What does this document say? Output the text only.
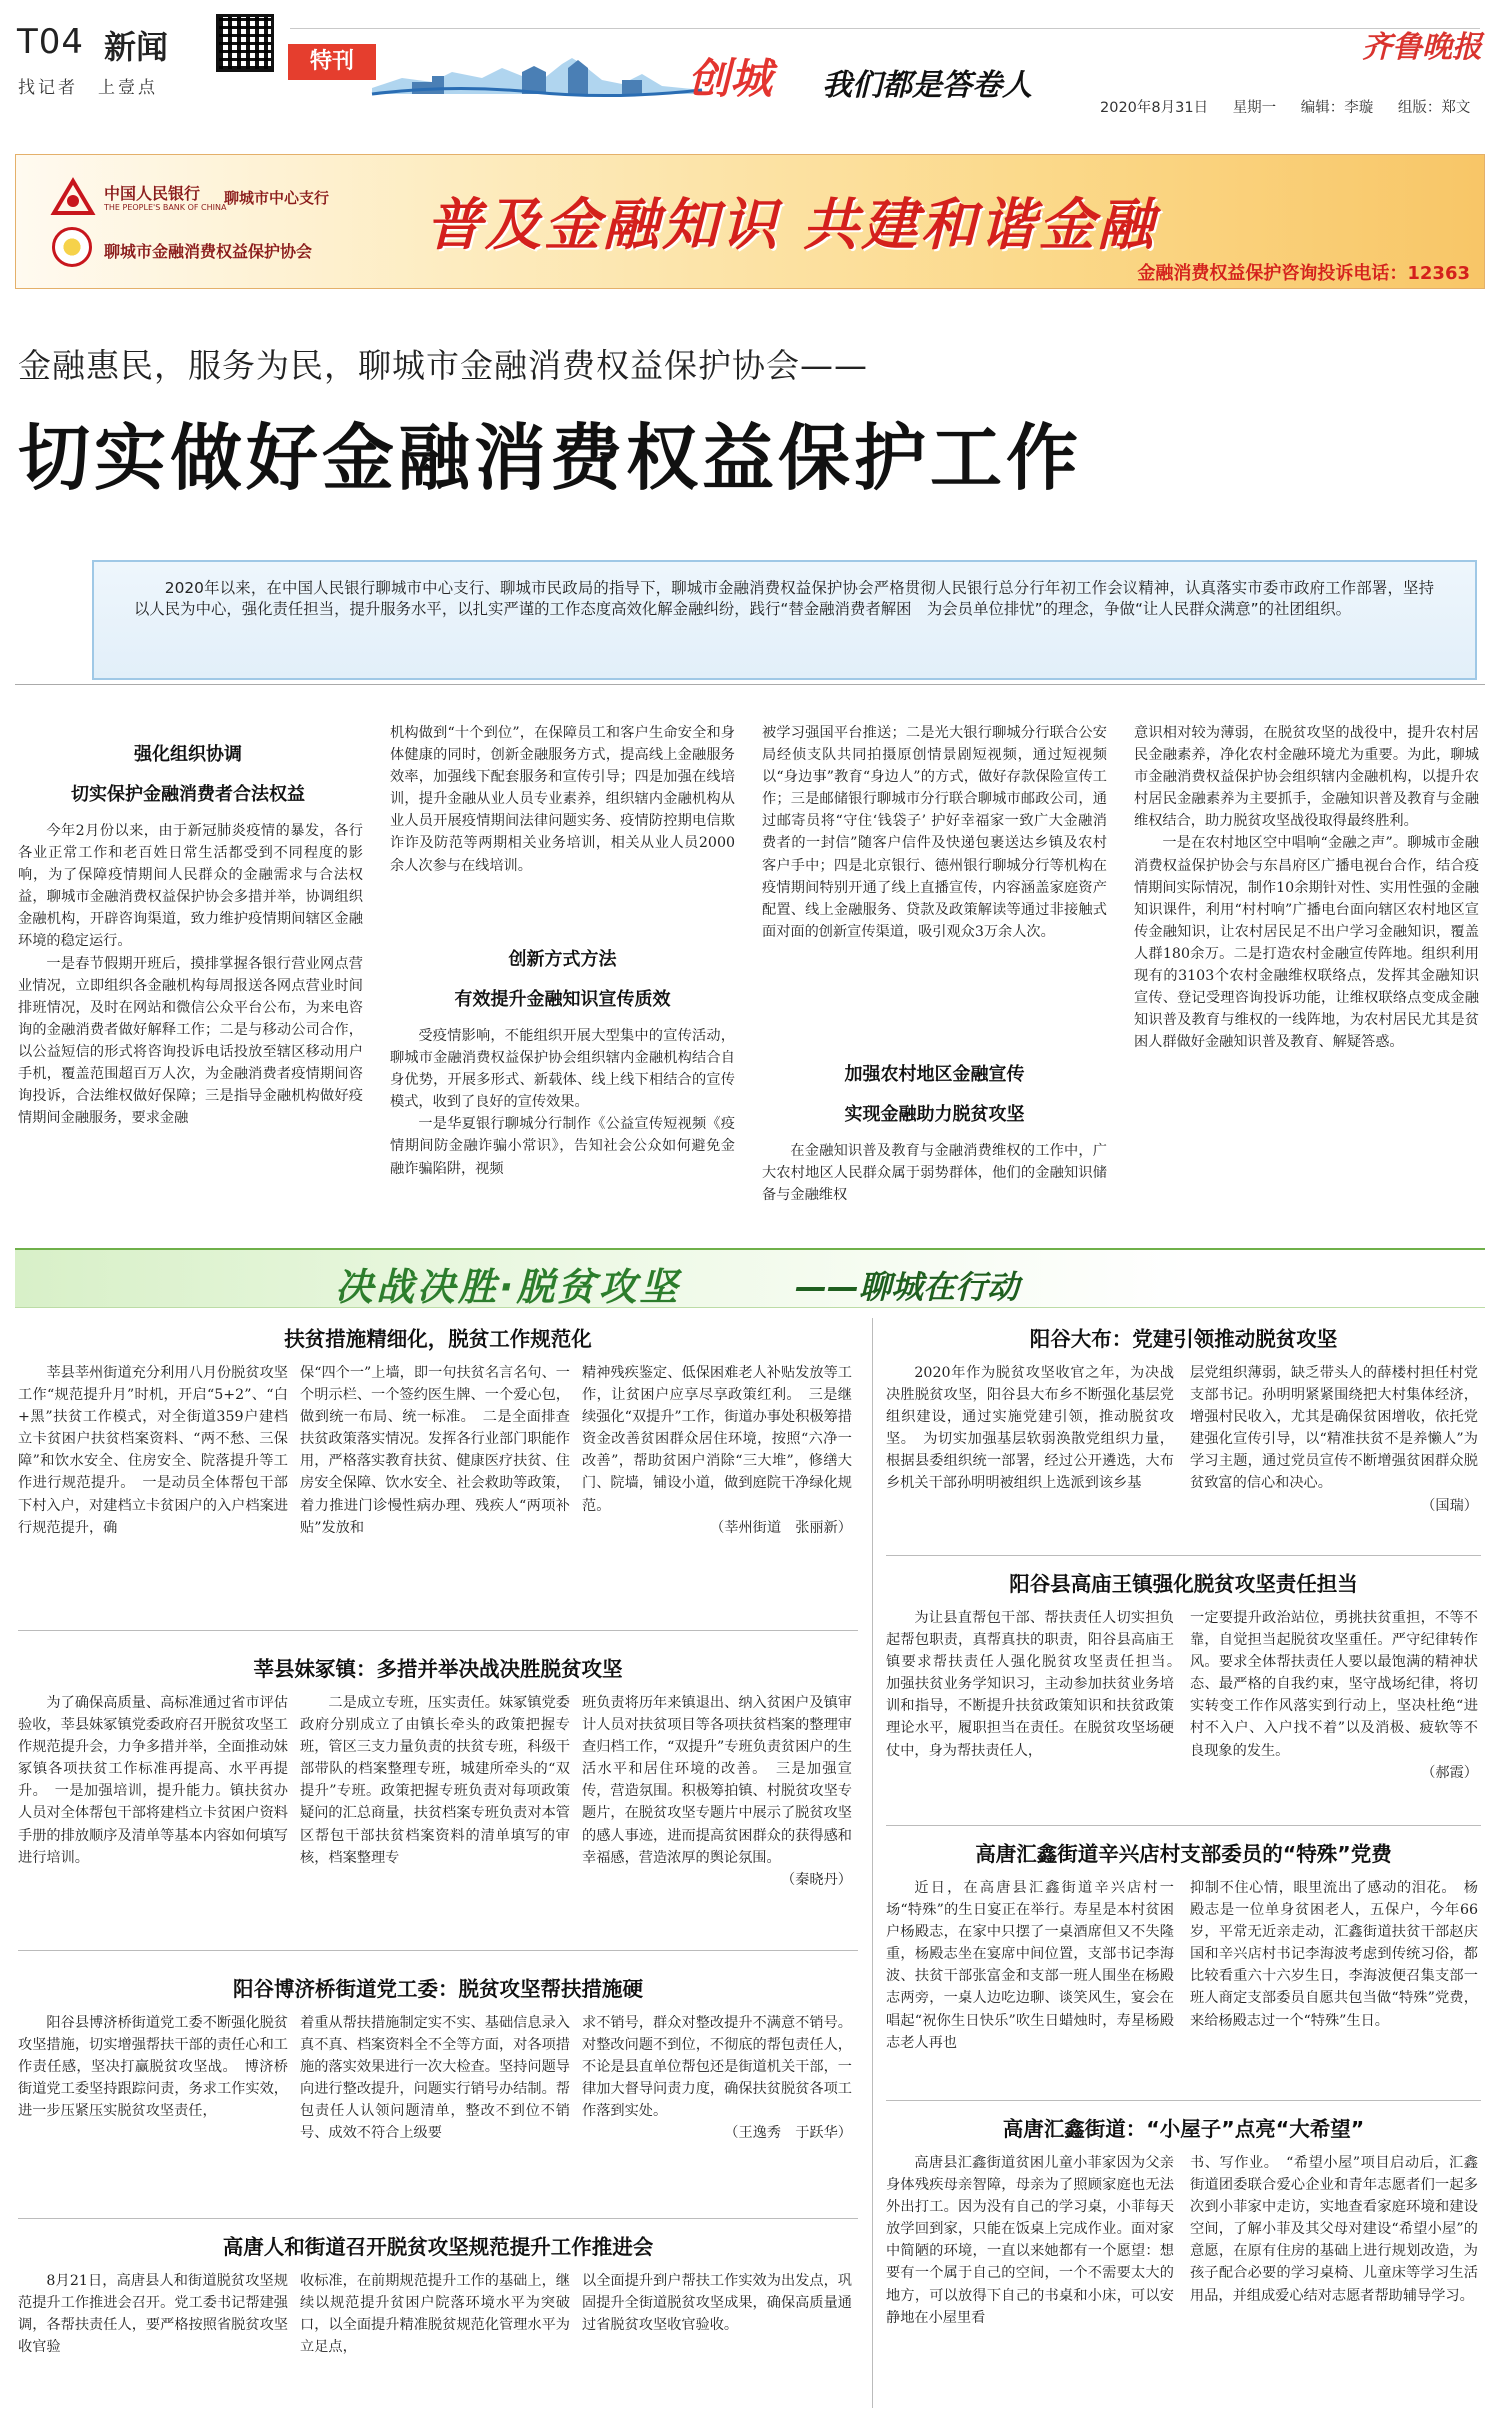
T04 新闻
找记者　上壹点
特刊	创城 我们都是答卷人
齐鲁晚报
2020年8月31日 星期一 编辑：李璇 组版：郑文
中国人民银行
THE PEOPLE'S BANK OF CHINA
聊城市中心支行
聊城市金融消费权益保护协会 普及金融知识 共建和谐金融
金融消费权益保护咨询投诉电话：12363
金融惠民，服务为民，聊城市金融消费权益保护协会——
切实做好金融消费权益保护工作
2020年以来，在中国人民银行聊城市中心支行、聊城市民政局的指导下，聊城市金融消费权益保护协会严格贯彻人民银行总分行年初工作会议精神，认真落实市委市政府工作部署，坚持以人民为中心，强化责任担当，提升服务水平，以扎实严谨的工作态度高效化解金融纠纷，践行“替金融消费者解困　为会员单位排忧”的理念，争做“让人民群众满意”的社团组织。
强化组织协调
切实保护金融消费者合法权益

今年2月份以来，由于新冠肺炎疫情的暴发，各行各业正常工作和老百姓日常生活都受到不同程度的影响，为了保障疫情期间人民群众的金融需求与合法权益，聊城市金融消费权益保护协会多措并举，协调组织金融机构，开辟咨询渠道，致力维护疫情期间辖区金融环境的稳定运行。

一是春节假期开班后，摸排掌握各银行营业网点营业情况，立即组织各金融机构每周报送各网点营业时间排班情况，及时在网站和微信公众平台公布，为来电咨询的金融消费者做好解释工作；二是与移动公司合作，以公益短信的形式将咨询投诉电话投放至辖区移动用户手机，覆盖范围超百万人次，为金融消费者疫情期间咨询投诉，合法维权做好保障；三是指导金融机构做好疫情期间金融服务，要求金融

机构做到“十个到位”，在保障员工和客户生命安全和身体健康的同时，创新金融服务方式，提高线上金融服务效率，加强线下配套服务和宣传引导；四是加强在线培训，提升金融从业人员专业素养，组织辖内金融机构从业人员开展疫情期间法律问题实务、疫情防控期电信欺诈诈及防范等两期相关业务培训，相关从业人员2000余人次参与在线培训。

创新方式方法
有效提升金融知识宣传质效

受疫情影响，不能组织开展大型集中的宣传活动，聊城市金融消费权益保护协会组织辖内金融机构结合自身优势，开展多形式、新载体、线上线下相结合的宣传模式，收到了良好的宣传效果。

一是华夏银行聊城分行制作《公益宣传短视频《疫情期间防金融诈骗小常识》，告知社会公众如何避免金融诈骗陷阱，视频

被学习强国平台推送；二是光大银行聊城分行联合公安局经侦支队共同拍摄原创情景剧短视频，通过短视频以“身边事”教育“身边人”的方式，做好存款保险宣传工作；三是邮储银行聊城市分行联合聊城市邮政公司，通过邮寄员将“守住‘钱袋子’ 护好幸福家一致广大金融消费者的一封信”随客户信件及快递包裹送达乡镇及农村客户手中；四是北京银行、德州银行聊城分行等机构在疫情期间特别开通了线上直播宣传，内容涵盖家庭资产配置、线上金融服务、贷款及政策解读等通过非接触式面对面的创新宣传渠道，吸引观众3万余人次。

加强农村地区金融宣传
实现金融助力脱贫攻坚

在金融知识普及教育与金融消费维权的工作中，广大农村地区人民群众属于弱势群体，他们的金融知识储备与金融维权

意识相对较为薄弱，在脱贫攻坚的战役中，提升农村居民金融素养，净化农村金融环境尤为重要。为此，聊城市金融消费权益保护协会组织辖内金融机构，以提升农村居民金融素养为主要抓手，金融知识普及教育与金融维权结合，助力脱贫攻坚战役取得最终胜利。

一是在农村地区空中唱响“金融之声”。聊城市金融消费权益保护协会与东昌府区广播电视台合作，结合疫情期间实际情况，制作10余期针对性、实用性强的金融知识课件，利用“村村响”广播电台面向辖区农村地区宣传金融知识，让农村居民足不出户学习金融知识，覆盖人群180余万。二是打造农村金融宣传阵地。组织利用现有的3103个农村金融维权联络点，发挥其金融知识宣传、登记受理咨询投诉功能，让维权联络点变成金融知识普及教育与维权的一线阵地，为农村居民尤其是贫困人群做好金融知识普及教育、解疑答惑。

决战决胜·脱贫攻坚	——聊城在行动
扶贫措施精细化，脱贫工作规范化

莘县莘州街道充分利用八月份脱贫攻坚工作“规范提升月”时机，开启“5+2”、“白+黑”扶贫工作模式，对全街道359户建档立卡贫困户扶贫档案资料、“两不愁、三保障”和饮水安全、住房安全、院落提升等工作进行规范提升。　一是动员全体帮包干部下村入户，对建档立卡贫困户的入户档案进行规范提升，确

保“四个一”上墙，即一句扶贫名言名句、一个明示栏、一个签约医生牌、一个爱心包，做到统一布局、统一标准。　二是全面排查扶贫政策落实情况。发挥各行业部门职能作用，严格落实教育扶贫、健康医疗扶贫、住房安全保障、饮水安全、社会救助等政策，着力推进门诊慢性病办理、残疾人“两项补贴”发放和

精神残疾鉴定、低保困难老人补贴发放等工作，让贫困户应享尽享政策红利。　三是继续强化“双提升”工作，街道办事处积极筹措资金改善贫困群众居住环境，按照“六净一改善”，帮助贫困户消除“三大堆”，修缮大门、院墙，铺设小道，做到庭院干净绿化规范。

（莘州街道　张丽新）

莘县妹冢镇：多措并举决战决胜脱贫攻坚

为了确保高质量、高标准通过省市评估验收，莘县妹冢镇党委政府召开脱贫攻坚工作规范提升会，力争多措并举，全面推动妹冢镇各项扶贫工作标准再提高、水平再提升。　一是加强培训，提升能力。镇扶贫办人员对全体帮包干部将建档立卡贫困户资料手册的排放顺序及清单等基本内容如何填写进行培训。

二是成立专班，压实责任。妹冢镇党委政府分别成立了由镇长牵头的政策把握专班，管区三支力量负责的扶贫专班，科级干部带队的档案整理专班，城建所牵头的“双提升”专班。政策把握专班负责对每项政策疑问的汇总商量，扶贫档案专班负责对本管区帮包干部扶贫档案资料的清单填写的审核，档案整理专

班负责将历年来镇退出、纳入贫困户及镇审计人员对扶贫项目等各项扶贫档案的整理审查归档工作，“双提升”专班负责贫困户的生活水平和居住环境的改善。　三是加强宣传，营造氛围。积极筹拍镇、村脱贫攻坚专题片，在脱贫攻坚专题片中展示了脱贫攻坚的感人事迹，进而提高贫困群众的获得感和幸福感，营造浓厚的舆论氛围。

（秦晓丹）

阳谷博济桥街道党工委：脱贫攻坚帮扶措施硬

阳谷县博济桥街道党工委不断强化脱贫攻坚措施，切实增强帮扶干部的责任心和工作责任感，坚决打赢脱贫攻坚战。　博济桥街道党工委坚持跟踪问责，务求工作实效，进一步压紧压实脱贫攻坚责任，

着重从帮扶措施制定实不实、基础信息录入真不真、档案资料全不全等方面，对各项措施的落实效果进行一次大检查。坚持问题导向进行整改提升，问题实行销号办结制。帮包责任人认领问题清单，整改不到位不销号、成效不符合上级要

求不销号，群众对整改提升不满意不销号。对整改问题不到位，不彻底的帮包责任人，不论是县直单位帮包还是街道机关干部，一律加大督导问责力度，确保扶贫脱贫各项工作落到实处。

（王逸秀　于跃华）

高唐人和街道召开脱贫攻坚规范提升工作推进会

8月21日，高唐县人和街道脱贫攻坚规范提升工作推进会召开。党工委书记帮建强调，各帮扶责任人，要严格按照省脱贫攻坚收官验

收标准，在前期规范提升工作的基础上，继续以规范提升贫困户院落环境水平为突破口，以全面提升精准脱贫规范化管理水平为立足点，

以全面提升到户帮扶工作实效为出发点，巩固提升全街道脱贫攻坚成果，确保高质量通过省脱贫攻坚收官验收。

阳谷大布：党建引领推动脱贫攻坚

2020年作为脱贫攻坚收官之年，为决战决胜脱贫攻坚，阳谷县大布乡不断强化基层党组织建设，通过实施党建引领，推动脱贫攻坚。　为切实加强基层软弱涣散党组织力量，根据县委组织统一部署，经过公开遴选，大布乡机关干部孙明明被组织上选派到该乡基

层党组织薄弱，缺乏带头人的薛楼村担任村党支部书记。孙明明紧紧围绕把大村集体经济，增强村民收入，尤其是确保贫困增收，依托党建强化宣传引导，以“精准扶贫不是养懒人”为学习主题，通过党员宣传不断增强贫困群众脱贫致富的信心和决心。

（国瑞）

阳谷县高庙王镇强化脱贫攻坚责任担当

为让县直帮包干部、帮扶责任人切实担负起帮包职责，真帮真扶的职责，阳谷县高庙王镇要求帮扶责任人强化脱贫攻坚责任担当。　加强扶贫业务学知识习，主动参加扶贫业务培训和指导，不断提升扶贫政策知识和扶贫政策理论水平，履职担当在责任。在脱贫攻坚场硬仗中，身为帮扶责任人，

一定要提升政治站位，勇挑扶贫重担，不等不靠，自觉担当起脱贫攻坚重任。严守纪律转作风。要求全体帮扶责任人要以最饱满的精神状态、最严格的自我约束，坚守战场纪律，将切实转变工作作风落实到行动上，坚决杜绝“进村不入户、入户找不着”以及消极、疲软等不良现象的发生。

（郝霞）

高唐汇鑫街道辛兴店村支部委员的“特殊”党费

近日，在高唐县汇鑫街道辛兴店村一场“特殊”的生日宴正在举行。寿星是本村贫困户杨殿志，在家中只摆了一桌酒席但又不失隆重，杨殿志坐在宴席中间位置，支部书记李海波、扶贫干部张富金和支部一班人围坐在杨殿志两旁，一桌人边吃边聊、谈笑风生，宴会在唱起“祝你生日快乐”吹生日蜡烛时，寿星杨殿志老人再也

抑制不住心情，眼里流出了感动的泪花。　杨殿志是一位单身贫困老人，五保户，今年66岁，平常无近亲走动，汇鑫街道扶贫干部赵庆国和辛兴店村书记李海波考虑到传统习俗，都比较看重六十六岁生日，李海波便召集支部一班人商定支部委员自愿共包当做“特殊”党费，来给杨殿志过一个“特殊”生日。

高唐汇鑫街道：“小屋子”点亮“大希望”

高唐县汇鑫街道贫困儿童小菲家因为父亲身体残疾母亲智障，母亲为了照顾家庭也无法外出打工。因为没有自己的学习桌，小菲每天放学回到家，只能在饭桌上完成作业。面对家中简陋的环境，一直以来她都有一个愿望：想要有一个属于自己的空间，一个不需要太大的地方，可以放得下自己的书桌和小床，可以安静地在小屋里看

书、写作业。　“希望小屋”项目启动后，汇鑫街道团委联合爱心企业和青年志愿者们一起多次到小菲家中走访，实地查看家庭环境和建设空间，了解小菲及其父母对建设“希望小屋”的意愿，在原有住房的基础上进行规划改造，为孩子配合必要的学习桌椅、儿童床等学习生活用品，并组成爱心结对志愿者帮助辅导学习。
